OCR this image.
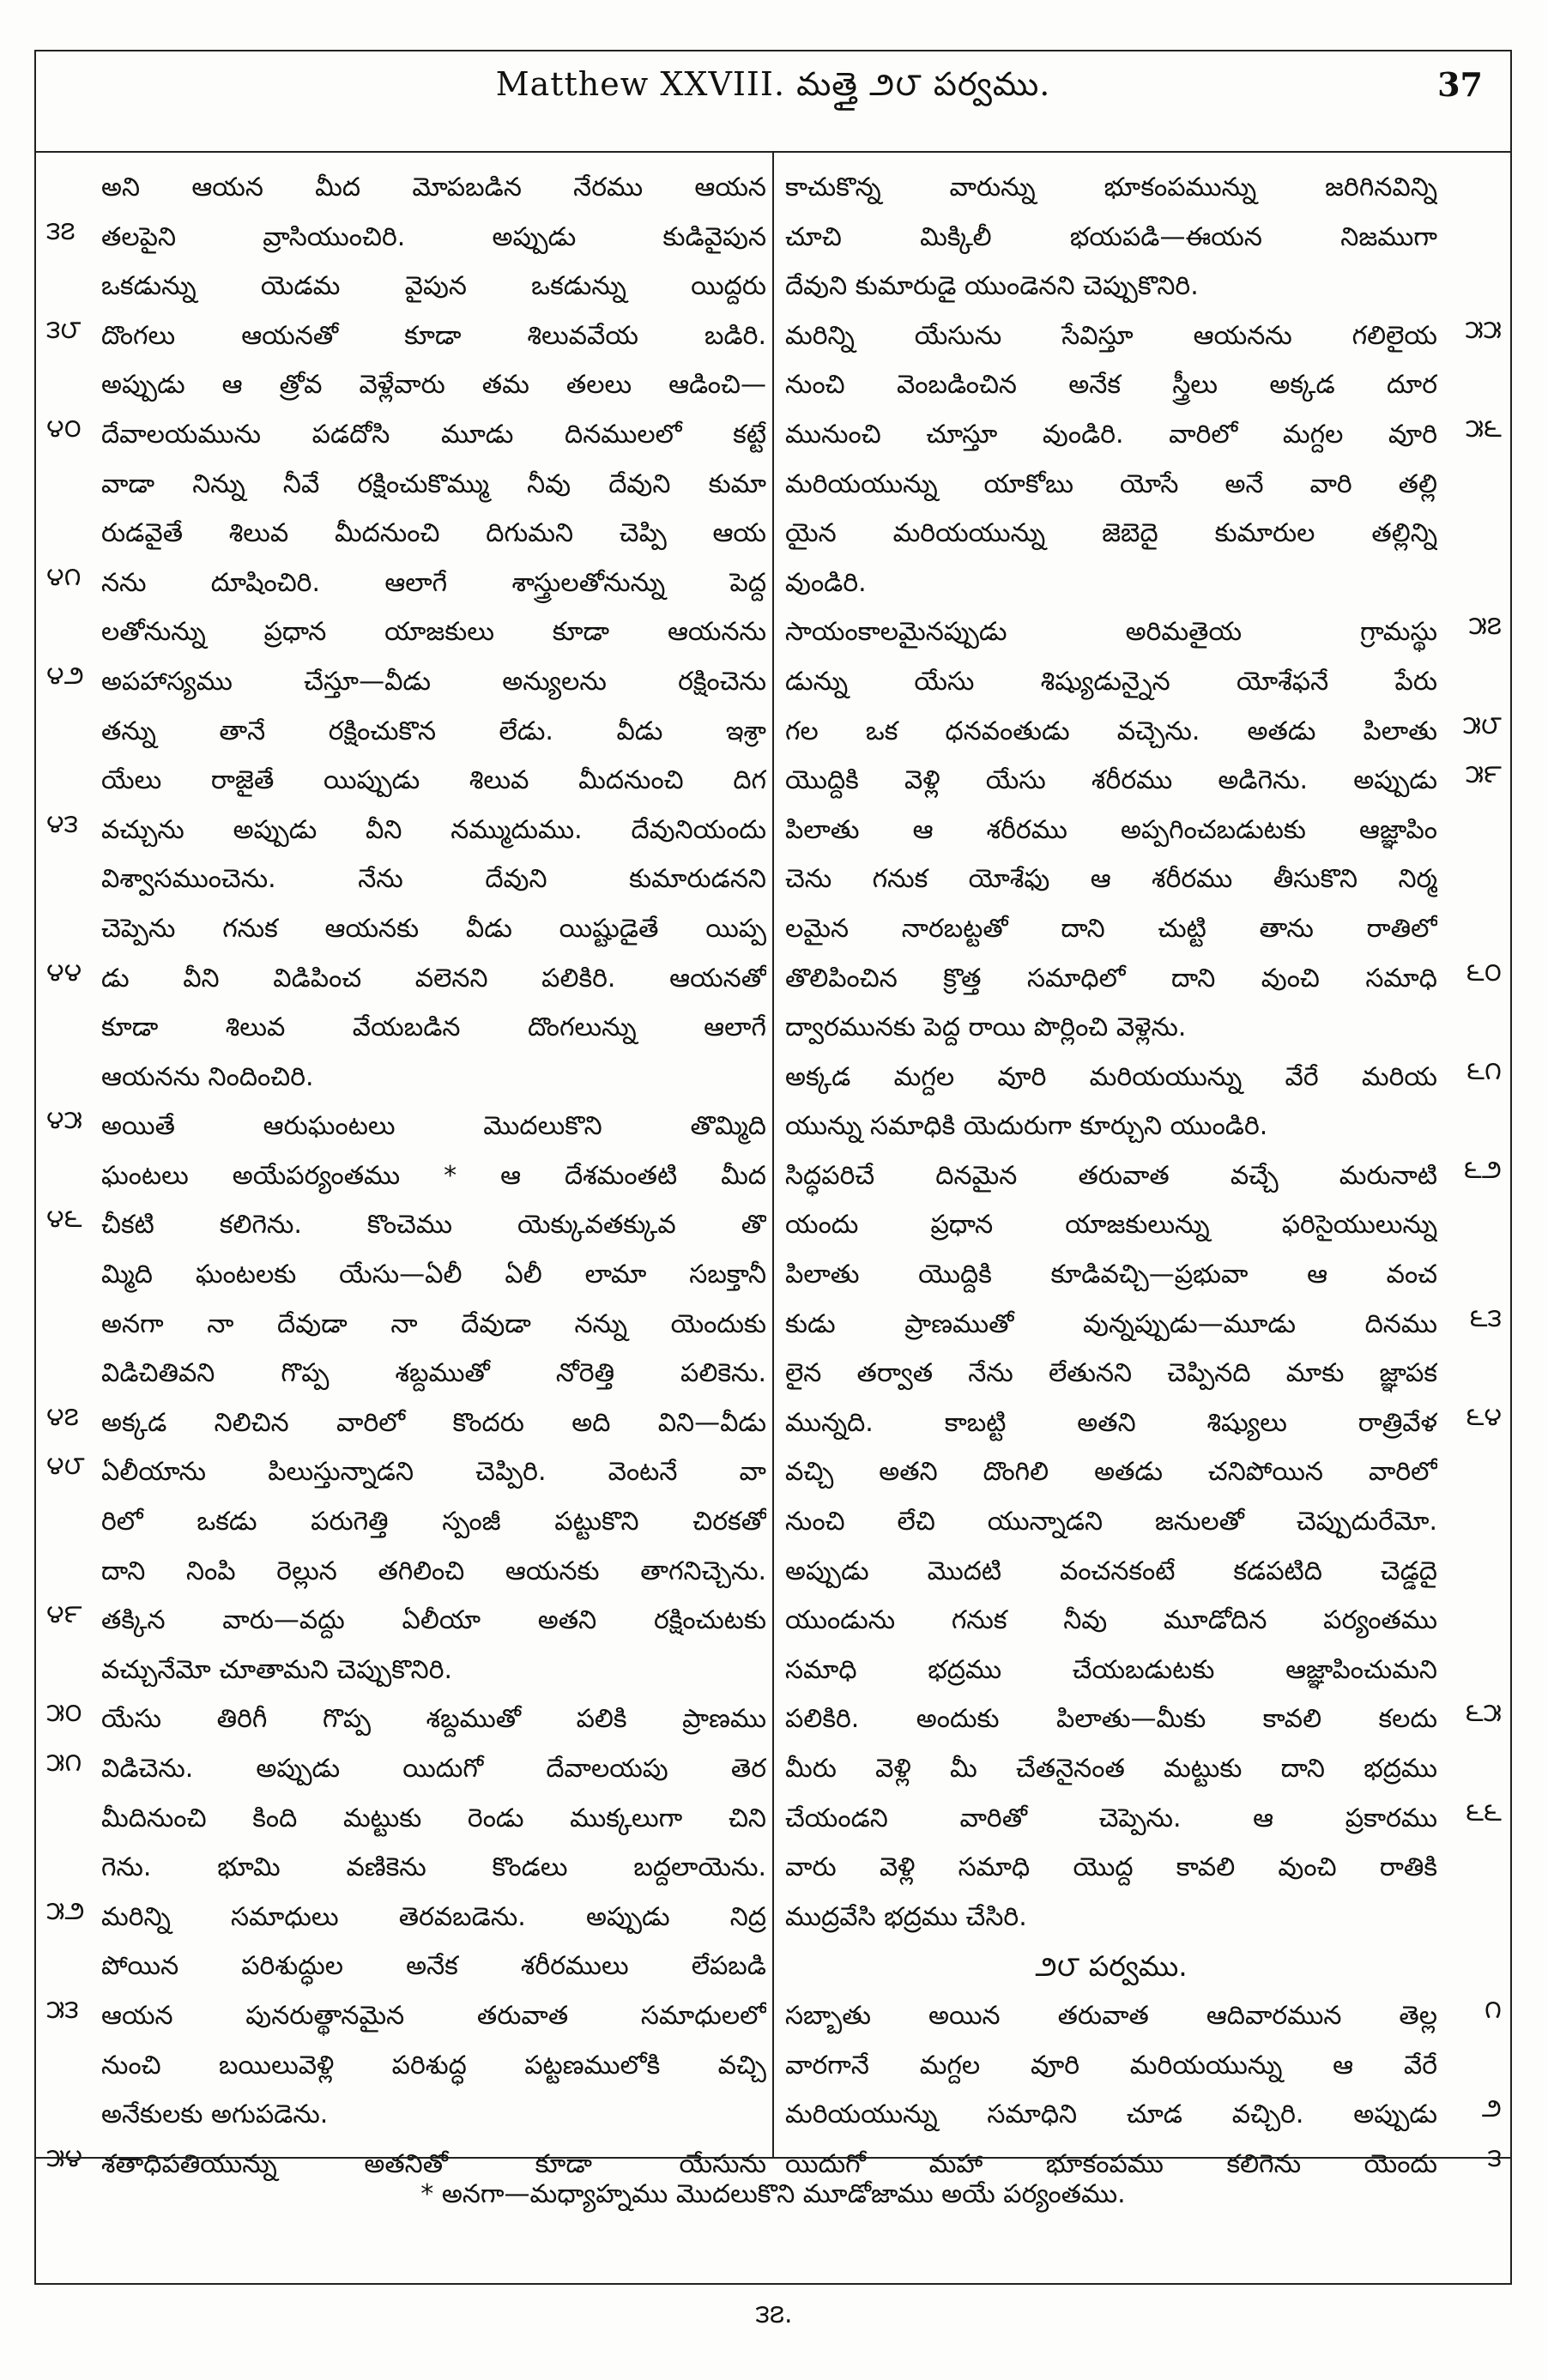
Matthew XXVIII. మత్తై ౨౮ పర్వము.	37
అని ఆయన మీద మోపబడిన నేరము ఆయన
౩౭	తలపైని వ్రాసియుంచిరి. అప్పుడు కుడివైపున
ఒకడున్ను యెడమ వైపున ఒకడున్ను యిద్దరు
౩౮ దొంగలు ఆయనతో కూడా శిలువవేయ బడిరి.
అప్పుడు ఆ త్రోవ వెళ్లేవారు తమ తలలు ఆడించి—
౪౦ దేవాలయమును పడదోసి మూడు దినములలో కట్టే
వాడా నిన్ను నీవే రక్షించుకొమ్ము నీవు దేవుని కుమా
రుడవైతే శిలువ మీదనుంచి దిగుమని చెప్పి ఆయ
౪౧ నను దూషించిరి. ఆలాగే శాస్త్రులతోనున్ను పెద్ద
లతోనున్ను ప్రధాన యాజకులు కూడా ఆయనను
౪౨ అపహాస్యము చేస్తూ—వీడు అన్యులను రక్షించెను
తన్ను తానే రక్షించుకొన లేడు. వీడు ఇశ్రా
యేలు రాజైతే యిప్పుడు శిలువ మీదనుంచి దిగ
౪౩ వచ్చును అప్పుడు వీని నమ్ముదుము. దేవునియందు
విశ్వాసముంచెను. నేను దేవుని కుమారుడనని
చెప్పెను గనుక ఆయనకు వీడు యిష్టుడైతే యిప్ప
౪౪ డు వీని విడిపించ వలెనని పలికిరి. ఆయనతో
కూడా శిలువ వేయబడిన దొంగలున్ను ఆలాగే
ఆయనను నిందించిరి.
౪౫ అయితే ఆరుఘంటలు మొదలుకొని తొమ్మిది
ఘంటలు అయేపర్యంతము * ఆ దేశమంతటి మీద
౪౬ చీకటి కలిగెను. కొంచెము యెక్కువతక్కువ తొ
మ్మిది ఘంటలకు యేసు—ఏలీ ఏలీ లామా సబక్తానీ
అనగా నా దేవుడా నా దేవుడా నన్ను యెందుకు
విడిచితివని గొప్ప శబ్దముతో నోరెత్తి పలికెను.
౪౭ అక్కడ నిలిచిన వారిలో కొందరు అది విని—వీడు
౪౮ ఏలీయాను పిలుస్తున్నాడని చెప్పిరి. వెంటనే వా
రిలో ఒకడు పరుగెత్తి స్పంజీ పట్టుకొని చిరకతో
దాని నింపి రెల్లున తగిలించి ఆయనకు తాగనిచ్చెను.
౪౯ తక్కిన వారు—వద్దు ఏలీయా అతని రక్షించుటకు
వచ్చునేమో చూతామని చెప్పుకొనిరి.
౫౦ యేసు తిరిగీ గొప్ప శబ్దముతో పలికి ప్రాణము
౫౧ విడిచెను. అప్పుడు యిదుగో దేవాలయపు తెర
మీదినుంచి కింది మట్టుకు రెండు ముక్కలుగా చిని
గెను. భూమి వణికెను కొండలు బద్దలాయెను.
౫౨ మరిన్ని సమాధులు తెరవబడెను. అప్పుడు నిద్ర
పోయిన పరిశుద్ధుల అనేక శరీరములు లేపబడి
౫౩ ఆయన పునరుత్థానమైన తరువాత సమాధులలో
నుంచి బయిలువెళ్లి పరిశుద్ధ పట్టణములోకి వచ్చి
అనేకులకు అగుపడెను.
౫౪ శతాధిపతియున్ను అతనితో కూడా యేసును
కాచుకొన్న వారున్ను భూకంపమున్ను జరిగినవిన్ని
చూచి మిక్కిలీ భయపడి—ఈయన నిజముగా
దేవుని కుమారుడై యుండెనని చెప్పుకొనిరి.
౫౫
మరిన్ని యేసును సేవిస్తూ ఆయనను గలిలైయ
నుంచి వెంబడించిన అనేక స్త్రీలు అక్కడ దూర
౫౬
మునుంచి చూస్తూ వుండిరి. వారిలో మగ్దల వూరి
మరియయున్ను యాకోబు యోసే అనే వారి తల్లి
యైన మరియయున్ను జెబెదై కుమారుల తల్లిన్ని
వుండిరి.
౫౭
సాయంకాలమైనప్పుడు అరిమతైయ గ్రామస్థు
డున్ను యేసు శిష్యుడున్నైన యోశేఫనే పేరు
౫౮
గల ఒక ధనవంతుడు వచ్చెను. అతడు పిలాతు
౫౯
యొద్దికి వెళ్లి యేసు శరీరము అడిగెను. అప్పుడు
పిలాతు ఆ శరీరము అప్పగించబడుటకు ఆజ్ఞాపిం
చెను గనుక యోశేఫు ఆ శరీరము తీసుకొని నిర్మ
లమైన నారబట్టతో దాని చుట్టి తాను రాతిలో
౬౦
తొలిపించిన క్రొత్త సమాధిలో దాని వుంచి సమాధి
ద్వారమునకు పెద్ద రాయి పొర్లించి వెళ్లెను.
౬౧
అక్కడ మగ్దల వూరి మరియయున్ను వేరే మరియ
యున్ను సమాధికి యెదురుగా కూర్చుని యుండిరి.
౬౨
సిద్ధపరిచే దినమైన తరువాత వచ్చే మరునాటి
యందు ప్రధాన యాజకులున్ను ఫరిసైయులున్ను
పిలాతు యొద్దికి కూడివచ్చి—ప్రభువా ఆ వంచ
౬౩
కుడు ప్రాణముతో వున్నప్పుడు—మూడు దినము
లైన తర్వాత నేను లేతునని చెప్పినది మాకు జ్ఞాపక
౬౪
మున్నది. కాబట్టి అతని శిష్యులు రాత్రివేళ
వచ్చి అతని దొంగిలి అతడు చనిపోయిన వారిలో
నుంచి లేచి యున్నాడని జనులతో చెప్పుదురేమో.
అప్పుడు మొదటి వంచనకంటే కడపటిది చెడ్డదై
యుండును గనుక నీవు మూడోదిన పర్యంతము
సమాధి భద్రము చేయబడుటకు ఆజ్ఞాపించుమని
౬౫
పలికిరి. అందుకు పిలాతు—మీకు కావలి కలదు
మీరు వెళ్లి మీ చేతనైనంత మట్టుకు దాని భద్రము
౬౬
చేయండని వారితో చెప్పెను. ఆ ప్రకారము
వారు వెళ్లి సమాధి యొద్ద కావలి వుంచి రాతికి
ముద్రవేసి భద్రము చేసిరి.
౨౮ పర్వము.
౧
సబ్బాతు అయిన తరువాత ఆదివారమున తెల్ల
వారగానే మగ్దల వూరి మరియయున్ను ఆ వేరే
౨
మరియయున్ను సమాధిని చూడ వచ్చిరి. అప్పుడు
౩
యిదుగో మహా భూకంపము కలిగెను యెందు
* అనగా—మధ్యాహ్నము మొదలుకొని మూడోజాము అయే పర్యంతము.
౩౭.
